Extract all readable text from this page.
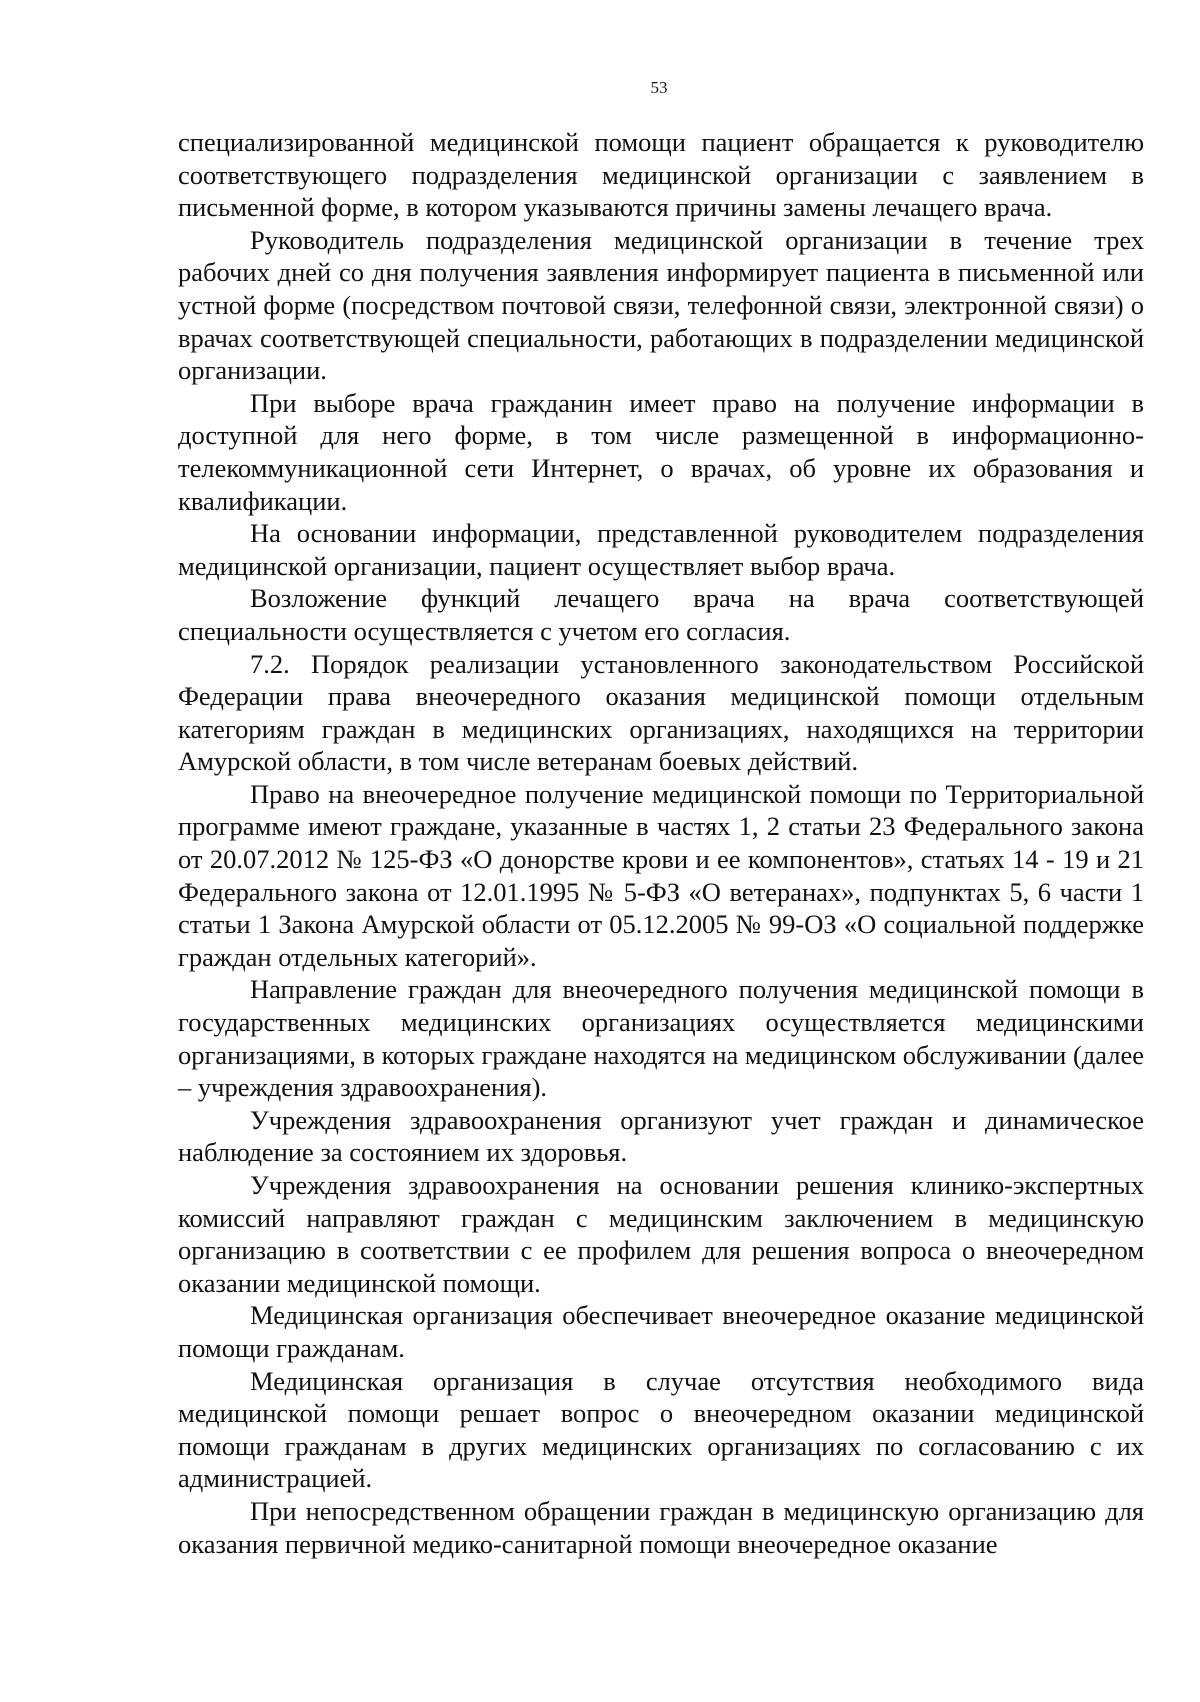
53

специализированной медицинской помощи пациент обращается к руководителю соответствующего подразделения медицинской организации с заявлением в письменной форме, в котором указываются причины замены лечащего врача.

Руководитель подразделения медицинской организации в течение трех рабочих дней со дня получения заявления информирует пациента в письменной или устной форме (посредством почтовой связи, телефонной связи, электронной связи) о врачах соответствующей специальности, работающих в подразделении медицинской организации.

При выборе врача гражданин имеет право на получение информации в доступной для него форме, в том числе размещенной в информационно-телекоммуникационной сети Интернет, о врачах, об уровне их образования и квалификации.

На основании информации, представленной руководителем подразделения медицинской организации, пациент осуществляет выбор врача.

Возложение функций лечащего врача на врача соответствующей специальности осуществляется с учетом его согласия.

7.2. Порядок реализации установленного законодательством Российской Федерации права внеочередного оказания медицинской помощи отдельным категориям граждан в медицинских организациях, находящихся на территории Амурской области, в том числе ветеранам боевых действий.

Право на внеочередное получение медицинской помощи по Территориальной программе имеют граждане, указанные в частях 1, 2 статьи 23 Федерального закона от 20.07.2012 № 125-ФЗ «О донорстве крови и ее компонентов», статьях 14 - 19 и 21 Федерального закона от 12.01.1995 № 5-ФЗ «О ветеранах», подпунктах 5, 6 части 1 статьи 1 Закона Амурской области от 05.12.2005 № 99-ОЗ «О социальной поддержке граждан отдельных категорий».

Направление граждан для внеочередного получения медицинской помощи в государственных медицинских организациях осуществляется медицинскими организациями, в которых граждане находятся на медицинском обслуживании (далее – учреждения здравоохранения).

Учреждения здравоохранения организуют учет граждан и динамическое наблюдение за состоянием их здоровья.

Учреждения здравоохранения на основании решения клинико-экспертных комиссий направляют граждан с медицинским заключением в медицинскую организацию в соответствии с ее профилем для решения вопроса о внеочередном оказании медицинской помощи.

Медицинская организация обеспечивает внеочередное оказание медицинской помощи гражданам.

Медицинская организация в случае отсутствия необходимого вида медицинской помощи решает вопрос о внеочередном оказании медицинской помощи гражданам в других медицинских организациях по согласованию с их администрацией.

При непосредственном обращении граждан в медицинскую организацию для оказания первичной медико-санитарной помощи внеочередное оказание
